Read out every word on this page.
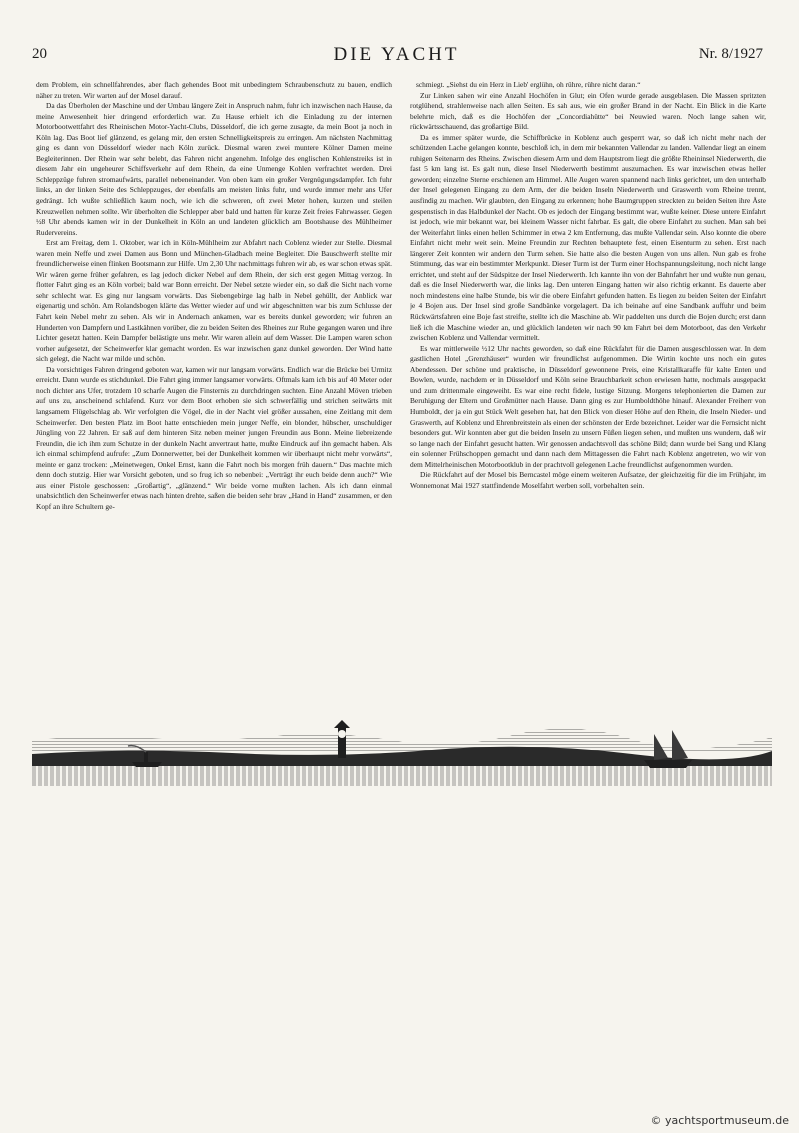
20	DIE YACHT	Nr. 8/1927

dem Problem, ein schnellfahrendes, aber flach gehendes Boot mit unbedingtem Schraubenschutz zu bauen, endlich näher zu treten. Wir warten auf der Mosel darauf.

Da das Überholen der Maschine und der Umbau längere Zeit in Anspruch nahm, fuhr ich inzwischen nach Hause, da meine Anwesenheit hier dringend erforderlich war. Zu Hause erhielt ich die Einladung zu der internen Motorbootwettfahrt des Rheinischen Motor-Yacht-Clubs, Düsseldorf, die ich gerne zusagte, da mein Boot ja noch in Köln lag. Das Boot lief glänzend, es gelang mir, den ersten Schnelligkeitspreis zu erringen. Am nächsten Nachmittag ging es dann von Düsseldorf wieder nach Köln zurück. Diesmal waren zwei muntere Kölner Damen meine Begleiterinnen. Der Rhein war sehr belebt, das Fahren nicht angenehm. Infolge des englischen Kohlenstreiks ist in diesem Jahr ein ungeheurer Schiffsverkehr auf dem Rhein, da eine Unmenge Kohlen verfrachtet werden. Drei Schleppzüge fuhren stromaufwärts, parallel nebeneinander. Von oben kam ein großer Vergnügungsdampfer. Ich fuhr links, an der linken Seite des Schleppzuges, der ebenfalls am meisten links fuhr, und wurde immer mehr ans Ufer gedrängt. Ich wußte schließlich kaum noch, wie ich die schweren, oft zwei Meter hohen, kurzen und steilen Kreuzwellen nehmen sollte. Wir überholten die Schlepper aber bald und hatten für kurze Zeit freies Fahrwasser. Gegen ½8 Uhr abends kamen wir in der Dunkelheit in Köln an und landeten glücklich am Bootshause des Mühlheimer Rudervereins.

Erst am Freitag, dem 1. Oktober, war ich in Köln-Mühlheim zur Abfahrt nach Coblenz wieder zur Stelle. Diesmal waren mein Neffe und zwei Damen aus Bonn und München-Gladbach meine Begleiter. Die Bauschwerft stellte mir freundlicherweise einen flinken Bootsmann zur Hilfe. Um 2,30 Uhr nachmittags fuhren wir ab, es war schon etwas spät. Wir wären gerne früher gefahren, es lag jedoch dicker Nebel auf dem Rhein, der sich erst gegen Mittag verzog. In flotter Fahrt ging es an Köln vorbei; bald war Bonn erreicht. Der Nebel setzte wieder ein, so daß die Sicht nach vorne sehr schlecht war. Es ging nur langsam vorwärts. Das Siebengebirge lag halb in Nebel gehüllt, der Anblick war eigenartig und schön. Am Rolandsbogen klärte das Wetter wieder auf und wir abgeschnitten war bis zum Schlusse der Fahrt kein Nebel mehr zu sehen. Als wir in Andernach ankamen, war es bereits dunkel geworden; wir fuhren an Hunderten von Dampfern und Lastkähnen vorüber, die zu beiden Seiten des Rheines zur Ruhe gegangen waren und ihre Lichter gesetzt hatten. Kein Dampfer belästigte uns mehr. Wir waren allein auf dem Wasser. Die Lampen waren schon vorher aufgesetzt, der Scheinwerfer klar gemacht worden. Es war inzwischen ganz dunkel geworden. Der Wind hatte sich gelegt, die Nacht war milde und schön.

Da vorsichtiges Fahren dringend geboten war, kamen wir nur langsam vorwärts. Endlich war die Brücke bei Urmitz erreicht. Dann wurde es stichdunkel. Die Fahrt ging immer langsamer vorwärts. Oftmals kam ich bis auf 40 Meter oder noch dichter ans Ufer, trotzdem 10 scharfe Augen die Finsternis zu durchdringen suchten. Eine Anzahl Möven trieben auf uns zu, anscheinend schlafend. Kurz vor dem Boot erhoben sie sich schwerfällig und strichen seitwärts mit langsamem Flügelschlag ab. Wir verfolgten die Vögel, die in der Nacht viel größer aussahen, eine Zeitlang mit dem Scheinwerfer. Den besten Platz im Boot hatte entschieden mein junger Neffe, ein blonder, hübscher, unschuldiger Jüngling von 22 Jahren. Er saß auf dem hinteren Sitz neben meiner jungen Freundin aus Bonn. Meine liebreizende Freundin, die ich ihm zum Schutze in der dunkeln Nacht anvertraut hatte, mußte Eindruck auf ihn gemacht haben. Als ich einmal schimpfend aufrufe: „Zum Donnerwetter, bei der Dunkelheit kommen wir überhaupt nicht mehr vorwärts“, meinte er ganz trocken: „Meinetwegen, Onkel Ernst, kann die Fahrt noch bis morgen früh dauern.“ Das machte mich denn doch stutzig. Hier war Vorsicht geboten, und so frug ich so nebenbei: „Verträgt ihr euch beide denn auch?“ Wie aus einer Pistole geschossen: „Großartig“, „glänzend.“ Wir beide vorne mußten lachen. Als ich dann einmal unabsichtlich den Scheinwerfer etwas nach hinten drehte, saßen die beiden sehr brav „Hand in Hand“ zusammen, er den Kopf an ihre Schultern ge-

schmiegt. „Siehst du ein Herz in Lieb' erglühn, oh rühre, rühre nicht daran.“

Zur Linken sahen wir eine Anzahl Hochöfen in Glut; ein Ofen wurde gerade ausgeblasen. Die Massen spritzten rotglühend, strahlenweise nach allen Seiten. Es sah aus, wie ein großer Brand in der Nacht. Ein Blick in die Karte belehrte mich, daß es die Hochöfen der „Concordiahütte“ bei Neuwied waren. Noch lange sahen wir, rückwärtsschauend, das großartige Bild.

Da es immer später wurde, die Schiffbrücke in Koblenz auch gesperrt war, so daß ich nicht mehr nach der schützenden Lache gelangen konnte, beschloß ich, in dem mir bekannten Vallendar zu landen. Vallendar liegt an einem ruhigen Seitenarm des Rheins. Zwischen diesem Arm und dem Hauptstrom liegt die größte Rheininsel Niederwerth, die fast 5 km lang ist. Es galt nun, diese Insel Niederwerth bestimmt auszumachen. Es war inzwischen etwas heller geworden; einzelne Sterne erschienen am Himmel. Alle Augen waren spannend nach links gerichtet, um den unterhalb der Insel gelegenen Eingang zu dem Arm, der die beiden Inseln Niederwerth und Graswerth vom Rheine trennt, ausfindig zu machen. Wir glaubten, den Eingang zu erkennen; hohe Baumgruppen streckten zu beiden Seiten ihre Äste gespenstisch in das Halbdunkel der Nacht. Ob es jedoch der Eingang bestimmt war, wußte keiner. Diese untere Einfahrt ist jedoch, wie mir bekannt war, bei kleinem Wasser nicht fahrbar. Es galt, die obere Einfahrt zu suchen. Man sah bei der Weiterfahrt links einen hellen Schimmer in etwa 2 km Entfernung, das mußte Vallendar sein. Also konnte die obere Einfahrt nicht mehr weit sein. Meine Freundin zur Rechten behauptete fest, einen Eisenturm zu sehen. Erst nach längerer Zeit konnten wir andern den Turm sehen. Sie hatte also die besten Augen von uns allen. Nun gab es frohe Stimmung, das war ein bestimmter Merkpunkt. Dieser Turm ist der Turm einer Hochspannungsleitung, noch nicht lange errichtet, und steht auf der Südspitze der Insel Niederwerth. Ich kannte ihn von der Bahnfahrt her und wußte nun genau, daß es die Insel Niederwerth war, die links lag. Den unteren Eingang hatten wir also richtig erkannt. Es dauerte aber noch mindestens eine halbe Stunde, bis wir die obere Einfahrt gefunden hatten. Es liegen zu beiden Seiten der Einfahrt je 4 Bojen aus. Der Insel sind große Sandbänke vorgelagert. Da ich beinahe auf eine Sandbank auffuhr und beim Rückwärtsfahren eine Boje fast streifte, stellte ich die Maschine ab. Wir paddelten uns durch die Bojen durch; erst dann ließ ich die Maschine wieder an, und glücklich landeten wir nach 90 km Fahrt bei dem Motorboot, das den Verkehr zwischen Koblenz und Vallendar vermittelt.

Es war mittlerweile ½12 Uhr nachts geworden, so daß eine Rückfahrt für die Damen ausgeschlossen war. In dem gastlichen Hotel „Grenzhäuser“ wurden wir freundlichst aufgenommen. Die Wirtin kochte uns noch ein gutes Abendessen. Der schöne und praktische, in Düsseldorf gewonnene Preis, eine Kristallkaraffe für kalte Enten und Bowlen, wurde, nachdem er in Düsseldorf und Köln seine Brauchbarkeit schon erwiesen hatte, nochmals ausgepackt und zum drittenmale eingeweiht. Es war eine recht fidele, lustige Sitzung. Morgens telephonierten die Damen zur Beruhigung der Eltern und Großmütter nach Hause. Dann ging es zur Humboldthöhe hinauf. Alexander Freiherr von Humboldt, der ja ein gut Stück Welt gesehen hat, hat den Blick von dieser Höhe auf den Rhein, die Inseln Nieder- und Graswerth, auf Koblenz und Ehrenbreitstein als einen der schönsten der Erde bezeichnet. Leider war die Fernsicht nicht besonders gut. Wir konnten aber gut die beiden Inseln zu unsern Füßen liegen sehen, und mußten uns wundern, daß wir so lange nach der Einfahrt gesucht hatten. Wir genossen andachtsvoll das schöne Bild; dann wurde bei Sang und Klang ein solenner Frühschoppen gemacht und dann nach dem Mittagessen die Fahrt nach Koblenz angetreten, wo wir von dem Mittelrheinischen Motorbootklub in der prachtvoll gelegenen Lache freundlichst aufgenommen wurden.

Die Rückfahrt auf der Mosel bis Berncastel möge einem weiteren Aufsatze, der gleichzeitig für die im Frühjahr, im Wonnemonat Mai 1927 stattfindende Moselfahrt werben soll, vorbehalten sein.

© yachtsportmuseum.de
